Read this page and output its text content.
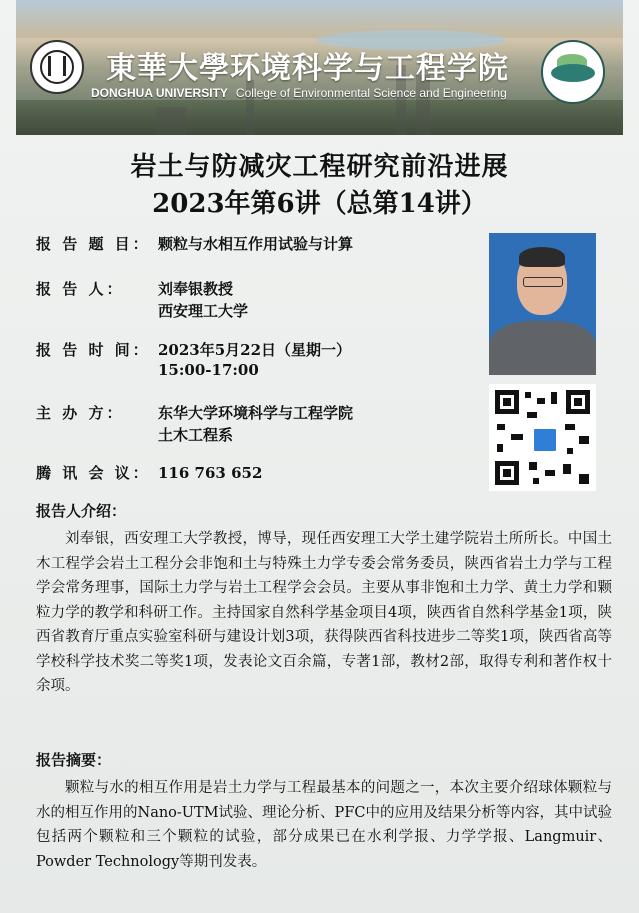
東華大學环境科学与工程学院
DONGHUA UNIVERSITY College of Environmental Science and Engineering
岩土与防减灾工程研究前沿进展
2023年第6讲（总第14讲）
报 告 题 目： 颗粒与水相互作用试验与计算
报 告 人： 刘奉银教授
西安理工大学
报 告 时 间： 2023年5月22日（星期一）
15:00-17:00
主 办 方： 东华大学环境科学与工程学院
土木工程系
腾 讯 会 议： 116 763 652
报告人介绍：

刘奉银，西安理工大学教授，博导，现任西安理工大学土建学院岩土所所长。中国土木工程学会岩土工程分会非饱和土与特殊土力学专委会常务委员，陕西省岩土力学与工程学会常务理事，国际土力学与岩土工程学会会员。主要从事非饱和土力学、黄土力学和颗粒力学的教学和科研工作。主持国家自然科学基金项目4项，陕西省自然科学基金1项，陕西省教育厅重点实验室科研与建设计划3项，获得陕西省科技进步二等奖1项，陕西省高等学校科学技术奖二等奖1项，发表论文百余篇，专著1部，教材2部，取得专利和著作权十余项。

报告摘要：

颗粒与水的相互作用是岩土力学与工程最基本的问题之一，本次主要介绍球体颗粒与水的相互作用的Nano-UTM试验、理论分析、PFC中的应用及结果分析等内容，其中试验包括两个颗粒和三个颗粒的试验，部分成果已在水利学报、力学学报、Langmuir、Powder Technology等期刊发表。
